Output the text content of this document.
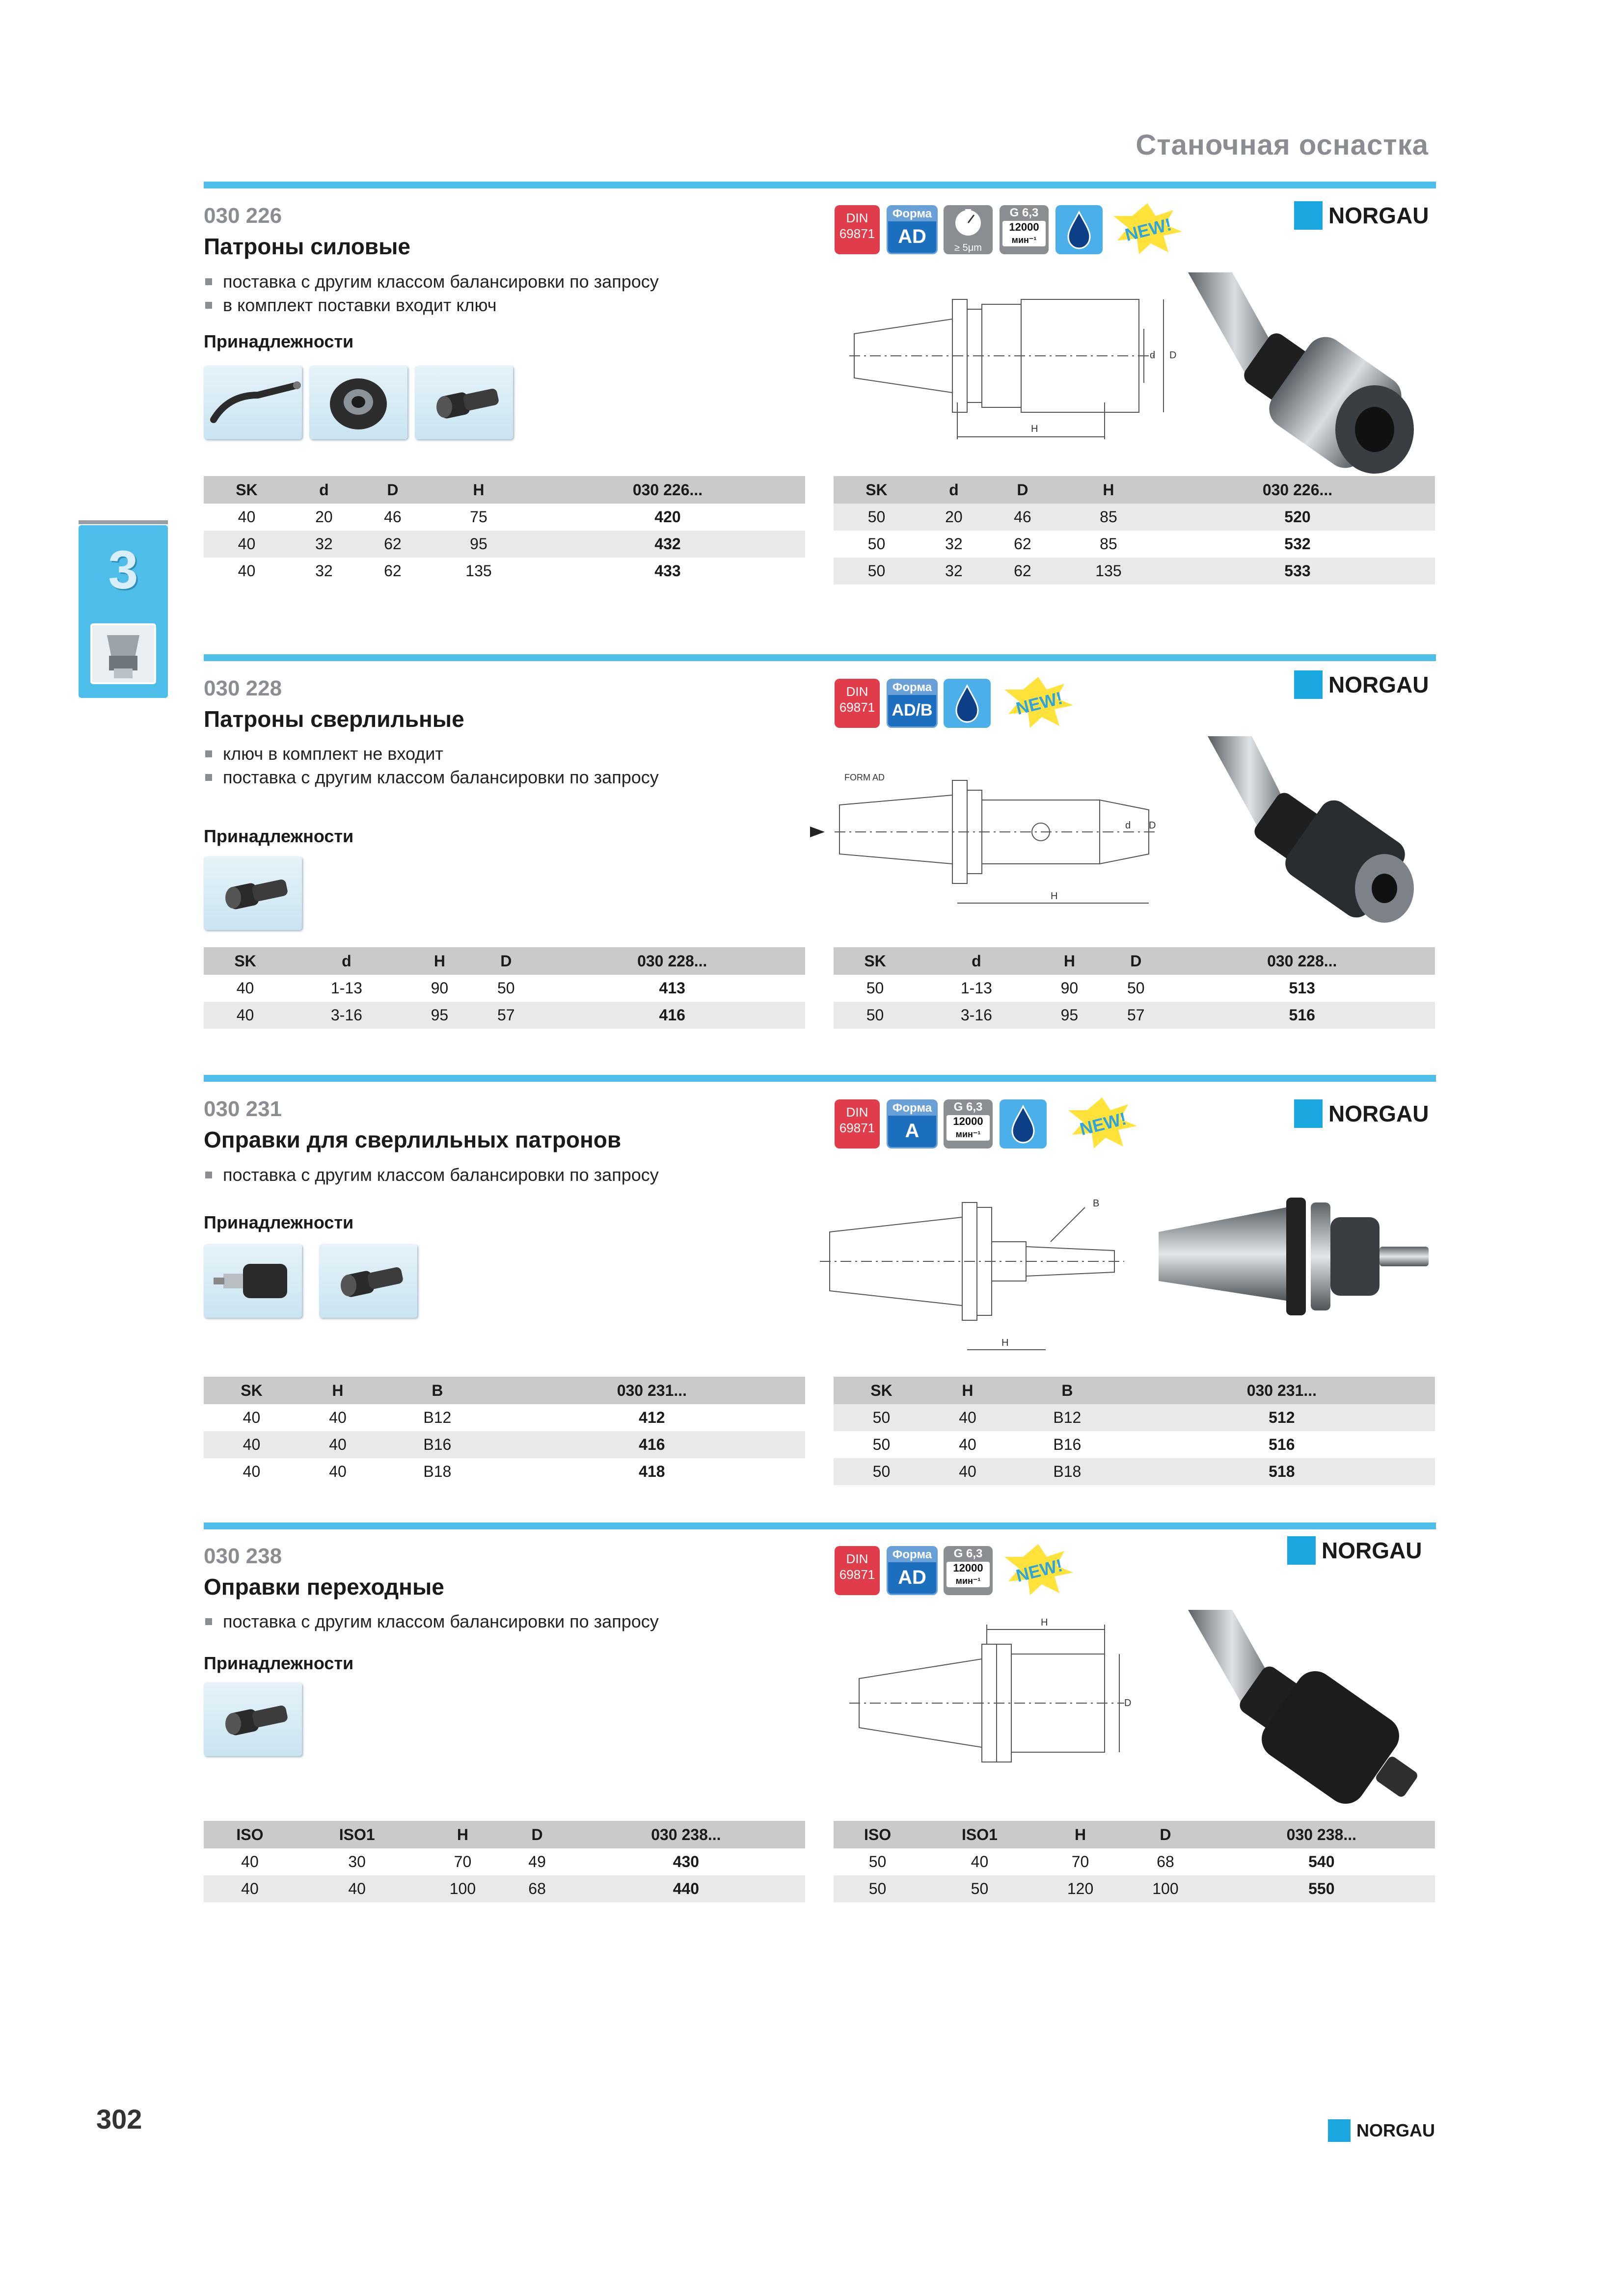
Станочная оснастка
3
030 226
Патроны силовые
поставка с другим классом балансировки по запросу
в комплект поставки входит ключ
Принадлежности
DIN
69871
Форма
AD
≥ 5μm
G 6,3
12000
мин⁻¹	NEW!	NORGAU
H
d D
SK	d	D	H	030 226...
40	20	46	75	420
40	32	62	95	432
40	32	62	135	433
SK	d	D	H	030 226...
50	20	46	85	520
50	32	62	85	532
50	32	62	135	533
030 228
Патроны сверлильные
ключ в комплект не входит
поставка с другим классом балансировки по запросу
Принадлежности
DIN
69871
Форма
AD/B	NEW!
NORGAU
FORM AD
H
d D
SK	d	H	D	030 228...
40	1-13	90	50	413
40	3-16	95	57	416
SK	d	H	D	030 228...
50	1-13	90	50	513
50	3-16	95	57	516
030 231
Оправки для сверлильных патронов
поставка с другим классом балансировки по запросу
Принадлежности
DIN
69871
Форма
A
G 6,3
12000
мин⁻¹	NEW!	NORGAU
B
H
SK	H	B	030 231...
40	40	B12	412
40	40	B16	416
40	40	B18	418
SK	H	B	030 231...
50	40	B12	512
50	40	B16	516
50	40	B18	518
030 238
Оправки переходные
поставка с другим классом балансировки по запросу
Принадлежности
DIN
69871
Форма
AD
G 6,3
12000
мин⁻¹	NEW!
NORGAU
H
D
ISO	ISO1	H	D	030 238...
40	30	70	49	430
40	40	100	68	440
ISO	ISO1	H	D	030 238...
50	40	70	68	540
50	50	120	100	550
302	NORGAU
